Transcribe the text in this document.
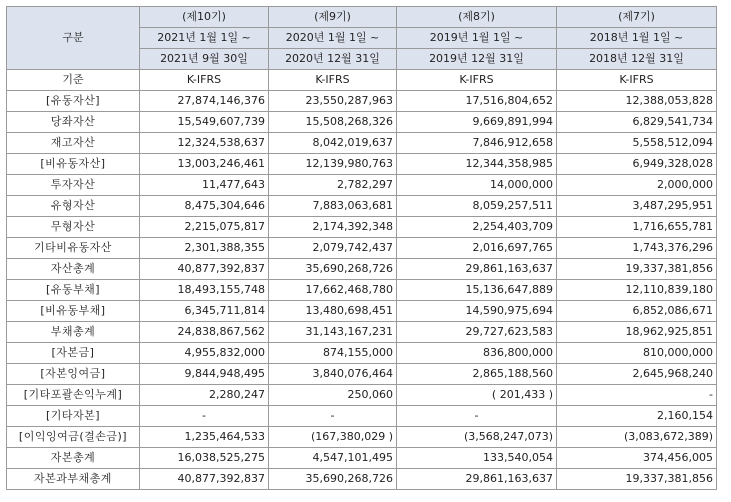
구분	(제10기)	(제9기)	(제8기)	(제7기)
	2021년 1월 1일 ~	2020년 1월 1일 ~	2019년 1월 1일 ~	2018년 1월 1일 ~
	2021년 9월 30일	2020년 12월 31일	2019년 12월 31일	2018년 12월 31일
기준	K-IFRS	K-IFRS	K-IFRS	K-IFRS
[유동자산]	27,874,146,376	23,550,287,963	17,516,804,652	12,388,053,828
당좌자산	15,549,607,739	15,508,268,326	9,669,891,994	6,829,541,734
재고자산	12,324,538,637	8,042,019,637	7,846,912,658	5,558,512,094
[비유동자산]	13,003,246,461	12,139,980,763	12,344,358,985	6,949,328,028
투자자산	11,477,643	2,782,297	14,000,000	2,000,000
유형자산	8,475,304,646	7,883,063,681	8,059,257,511	3,487,295,951
무형자산	2,215,075,817	2,174,392,348	2,254,403,709	1,716,655,781
기타비유동자산	2,301,388,355	2,079,742,437	2,016,697,765	1,743,376,296
자산총계	40,877,392,837	35,690,268,726	29,861,163,637	19,337,381,856
[유동부채]	18,493,155,748	17,662,468,780	15,136,647,889	12,110,839,180
[비유동부채]	6,345,711,814	13,480,698,451	14,590,975,694	6,852,086,671
부채총계	24,838,867,562	31,143,167,231	29,727,623,583	18,962,925,851
[자본금]	4,955,832,000	874,155,000	836,800,000	810,000,000
[자본잉여금]	9,844,948,495	3,840,076,464	2,865,188,560	2,645,968,240
[기타포괄손익누계]	2,280,247	250,060	( 201,433 )	-
[기타자본]	-	-	-	2,160,154
[이익잉여금(결손금)]	1,235,464,533	(167,380,029 )	(3,568,247,073)	(3,083,672,389)
자본총계	16,038,525,275	4,547,101,495	133,540,054	374,456,005
자본과부채총계	40,877,392,837	35,690,268,726	29,861,163,637	19,337,381,856
